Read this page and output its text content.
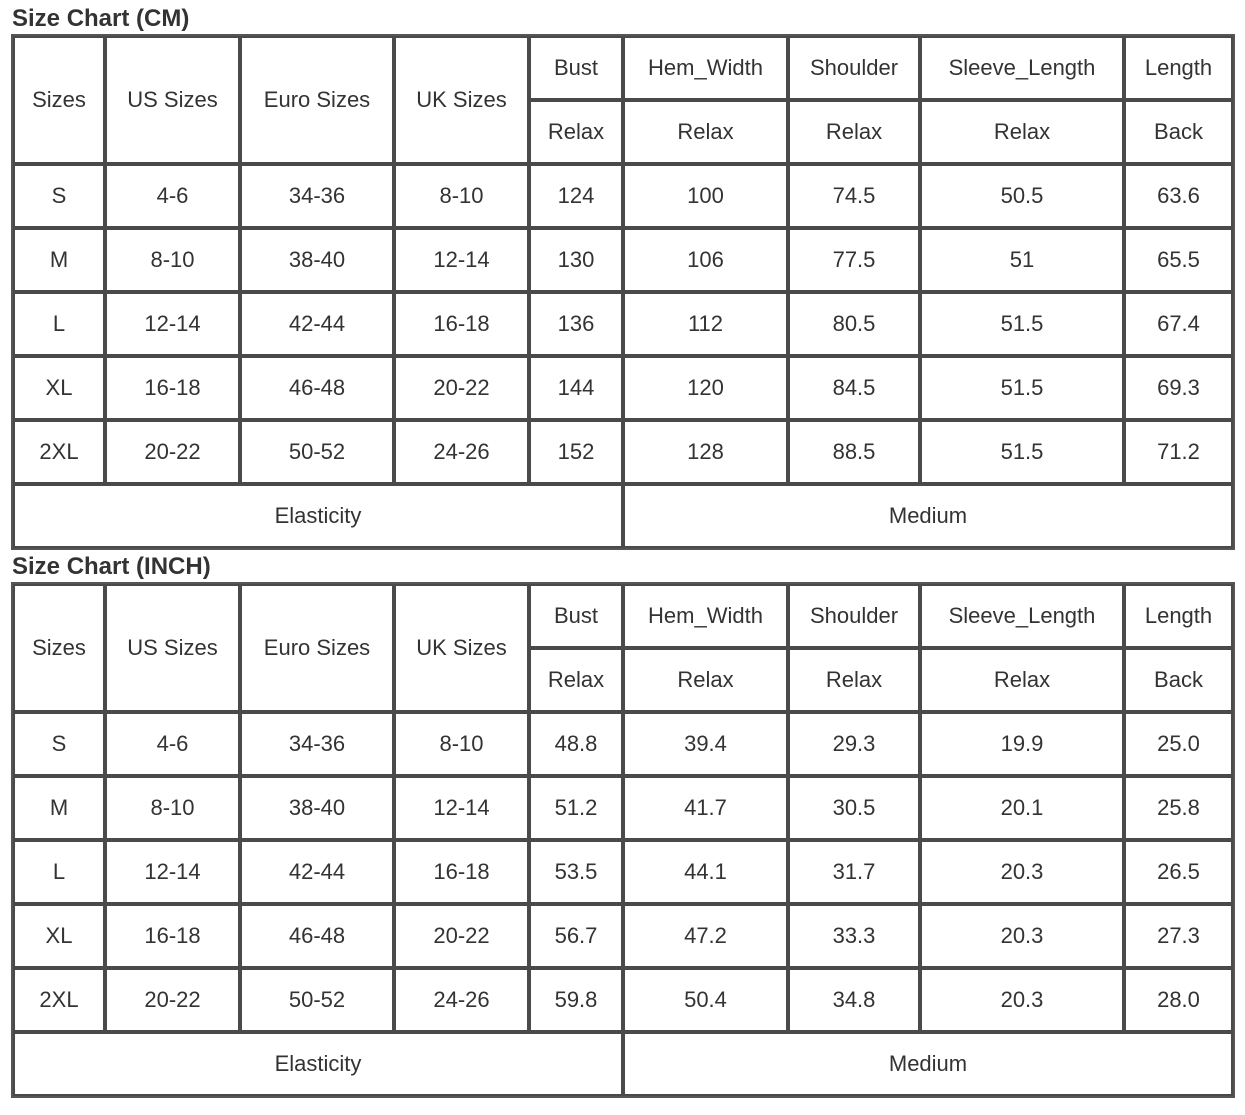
Size Chart (CM)
Sizes	US Sizes	Euro Sizes	UK Sizes	Bust	Hem_Width	Shoulder	Sleeve_Length	Length
				Relax	Relax	Relax	Relax	Back
S	4-6	34-36	8-10	124	100	74.5	50.5	63.6
M	8-10	38-40	12-14	130	106	77.5	51	65.5
L	12-14	42-44	16-18	136	112	80.5	51.5	67.4
XL	16-18	46-48	20-22	144	120	84.5	51.5	69.3
2XL	20-22	50-52	24-26	152	128	88.5	51.5	71.2
Elasticity					Medium			
Size Chart (INCH)
Sizes	US Sizes	Euro Sizes	UK Sizes	Bust	Hem_Width	Shoulder	Sleeve_Length	Length
				Relax	Relax	Relax	Relax	Back
S	4-6	34-36	8-10	48.8	39.4	29.3	19.9	25.0
M	8-10	38-40	12-14	51.2	41.7	30.5	20.1	25.8
L	12-14	42-44	16-18	53.5	44.1	31.7	20.3	26.5
XL	16-18	46-48	20-22	56.7	47.2	33.3	20.3	27.3
2XL	20-22	50-52	24-26	59.8	50.4	34.8	20.3	28.0
Elasticity					Medium			
